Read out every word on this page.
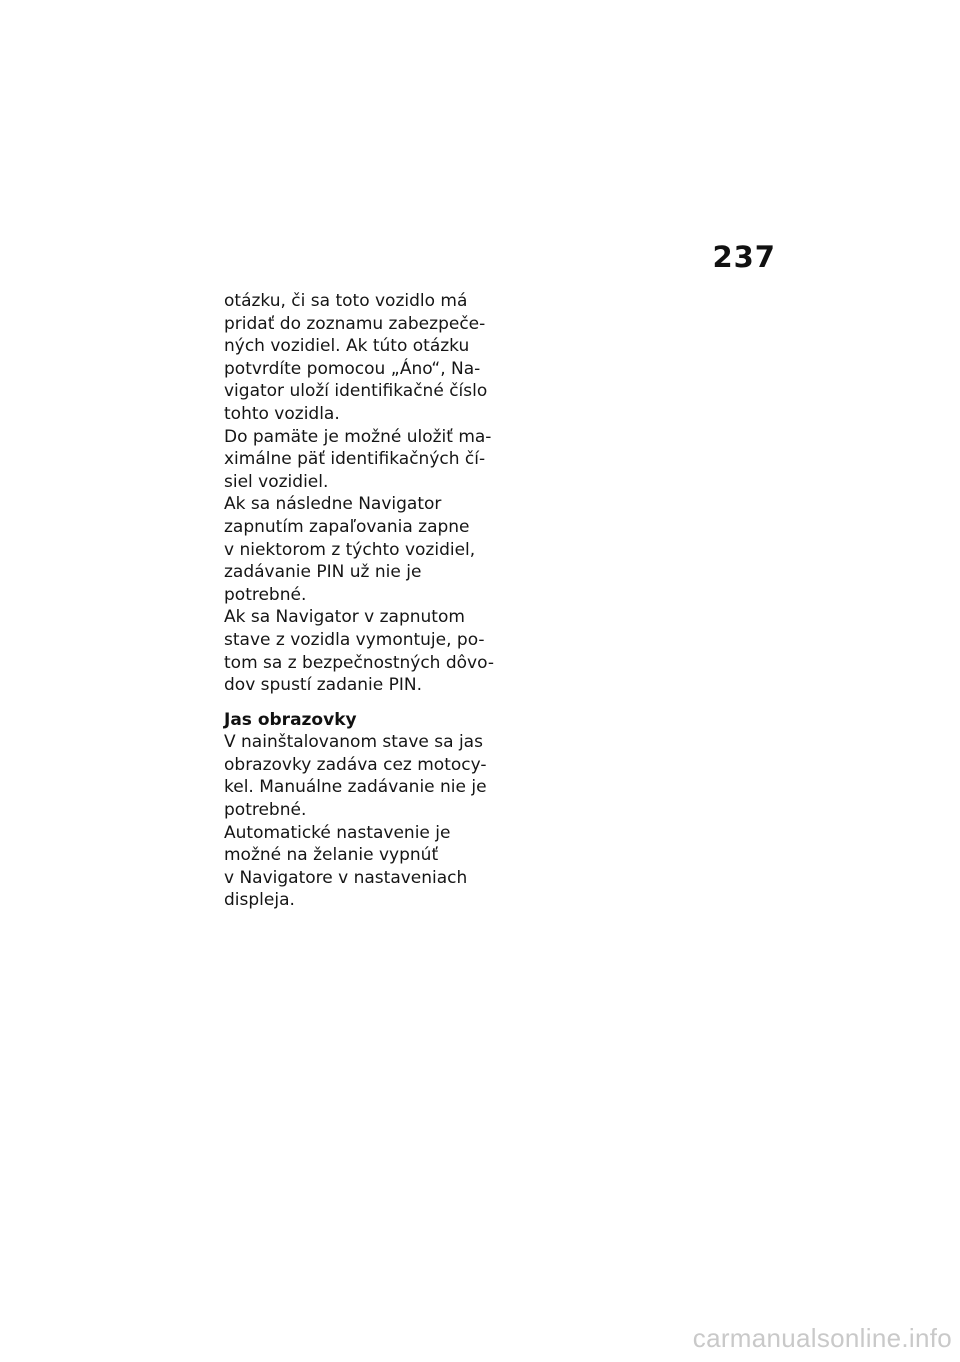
237
otázku, či sa toto vozidlo má
pridať do zoznamu zabezpeče-
ných vozidiel. Ak túto otázku
potvrdíte pomocou „Áno“, Na-
vigator uloží identifikačné číslo
tohto vozidla.
Do pamäte je možné uložiť ma-
ximálne päť identifikačných čí-
siel vozidiel.
Ak sa následne Navigator
zapnutím zapaľovania zapne
v niektorom z týchto vozidiel,
zadávanie PIN už nie je
potrebné.
Ak sa Navigator v zapnutom
stave z vozidla vymontuje, po-
tom sa z bezpečnostných dôvo-
dov spustí zadanie PIN.
Jas obrazovky
V nainštalovanom stave sa jas
obrazovky zadáva cez motocy-
kel. Manuálne zadávanie nie je
potrebné.
Automatické nastavenie je
možné na želanie vypnúť
v Navigatore v nastaveniach
displeja.
carmanualsonline.info
